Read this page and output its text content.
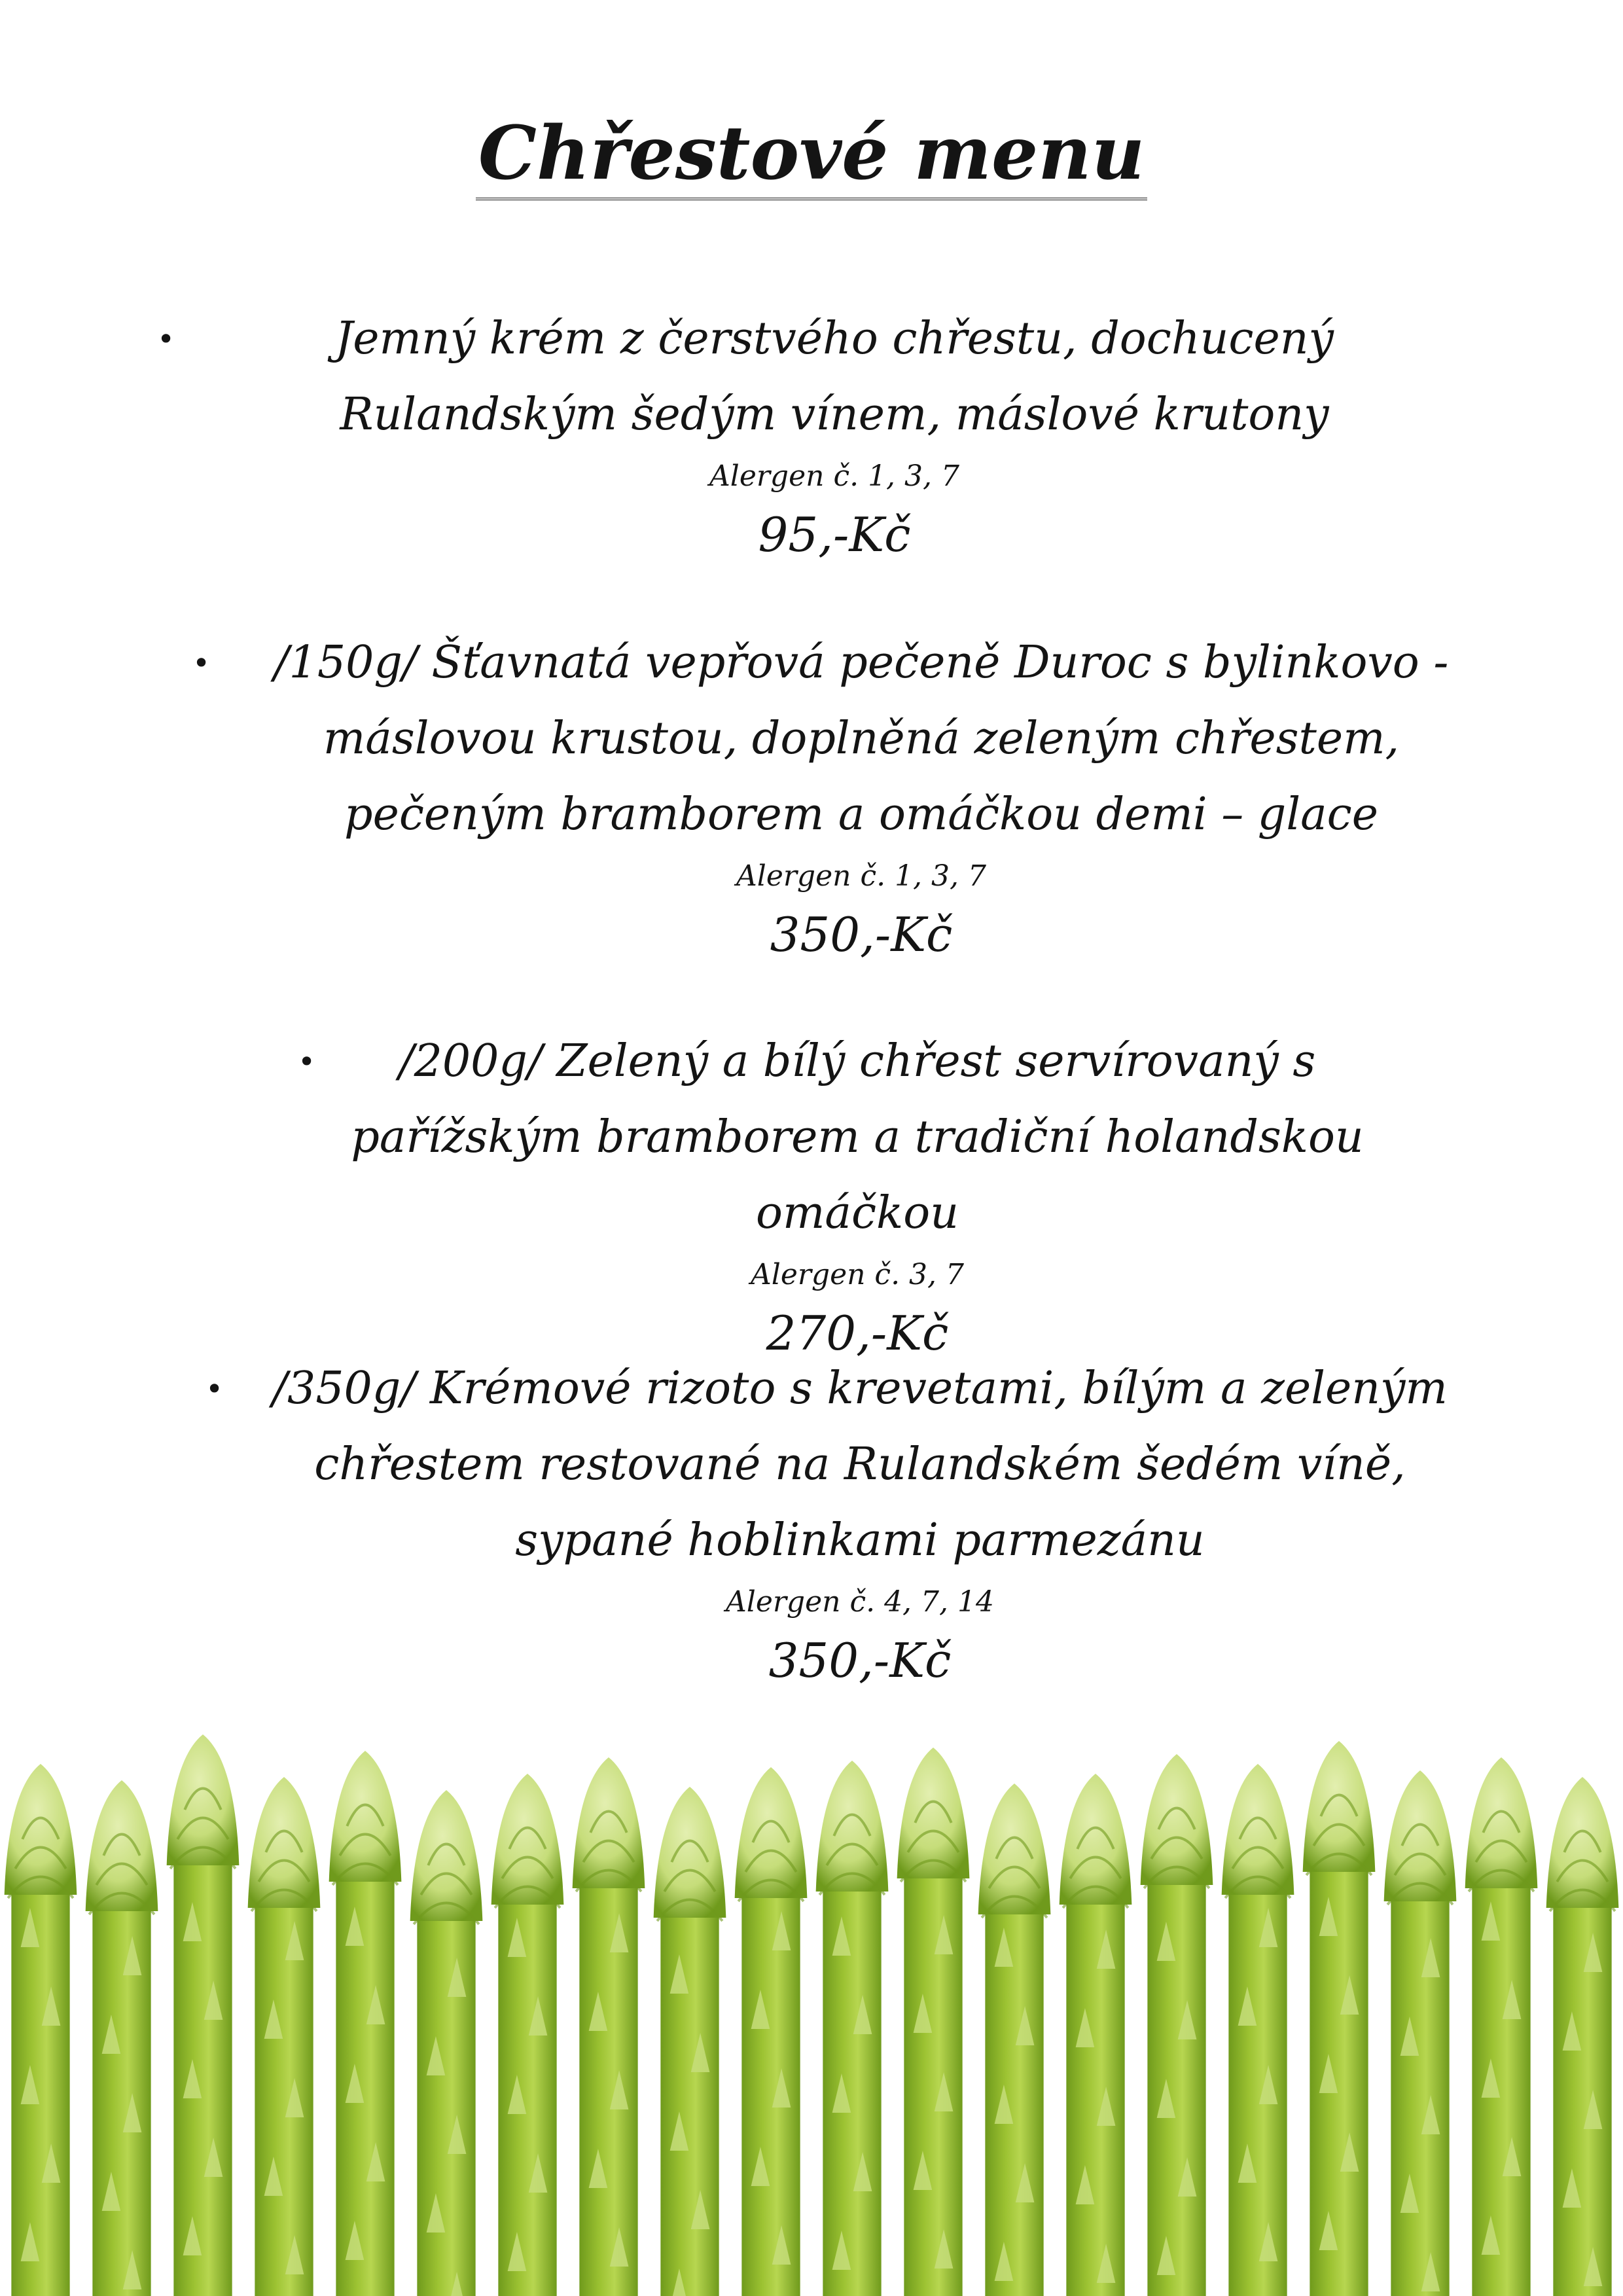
Chřestové menu
•	Jemný krém z čerstvého chřestu, dochucený Rulandským šedým vínem, máslové krutony
Alergen č. 1, 3, 7
95,-Kč
• /150g/ Šťavnatá vepřová pečeně Duroc s bylinkovo - máslovou krustou, doplněná zeleným chřestem, pečeným bramborem a omáčkou demi – glace
Alergen č. 1, 3, 7
350,-Kč
• /200g/ Zelený a bílý chřest servírovaný s pařížským bramborem a tradiční holandskou omáčkou
Alergen č. 3, 7
270,-Kč
• /350g/ Krémové rizoto s krevetami, bílým a zeleným chřestem restované na Rulandském šedém víně, sypané hoblinkami parmezánu
Alergen č. 4, 7, 14
350,-Kč
